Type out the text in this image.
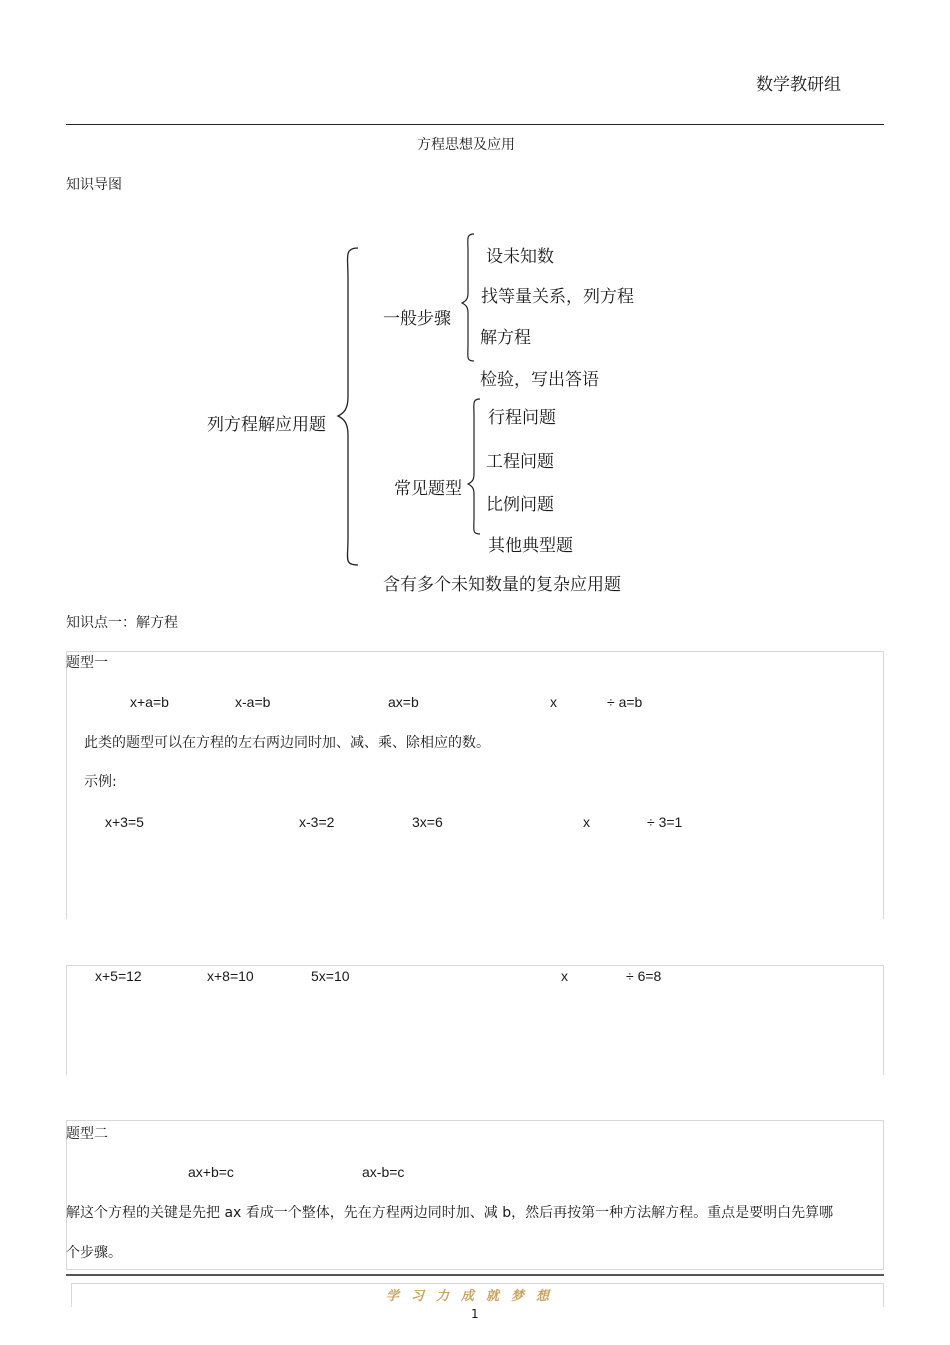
数学教研组
方程思想及应用
知识导图
列方程解应用题
一般步骤
设未知数
找等量关系，列方程
解方程
检验，写出答语
常见题型
行程问题
工程问题
比例问题
其他典型题
含有多个未知数量的复杂应用题
知识点一：解方程
题型一
x+a=b	x-a=b	ax=b	x	÷ a=b
此类的题型可以在方程的左右两边同时加、减、乘、除相应的数。
示例:
x+3=5	x-3=2	3x=6	x	÷ 3=1
x+5=12	x+8=10	5x=10	x	÷ 6=8
题型二
ax+b=c	ax-b=c
解这个方程的关键是先把 ax 看成一个整体，先在方程两边同时加、减 b，然后再按第一种方法解方程。重点是要明白先算哪
个步骤。
学习力成就梦想
1
